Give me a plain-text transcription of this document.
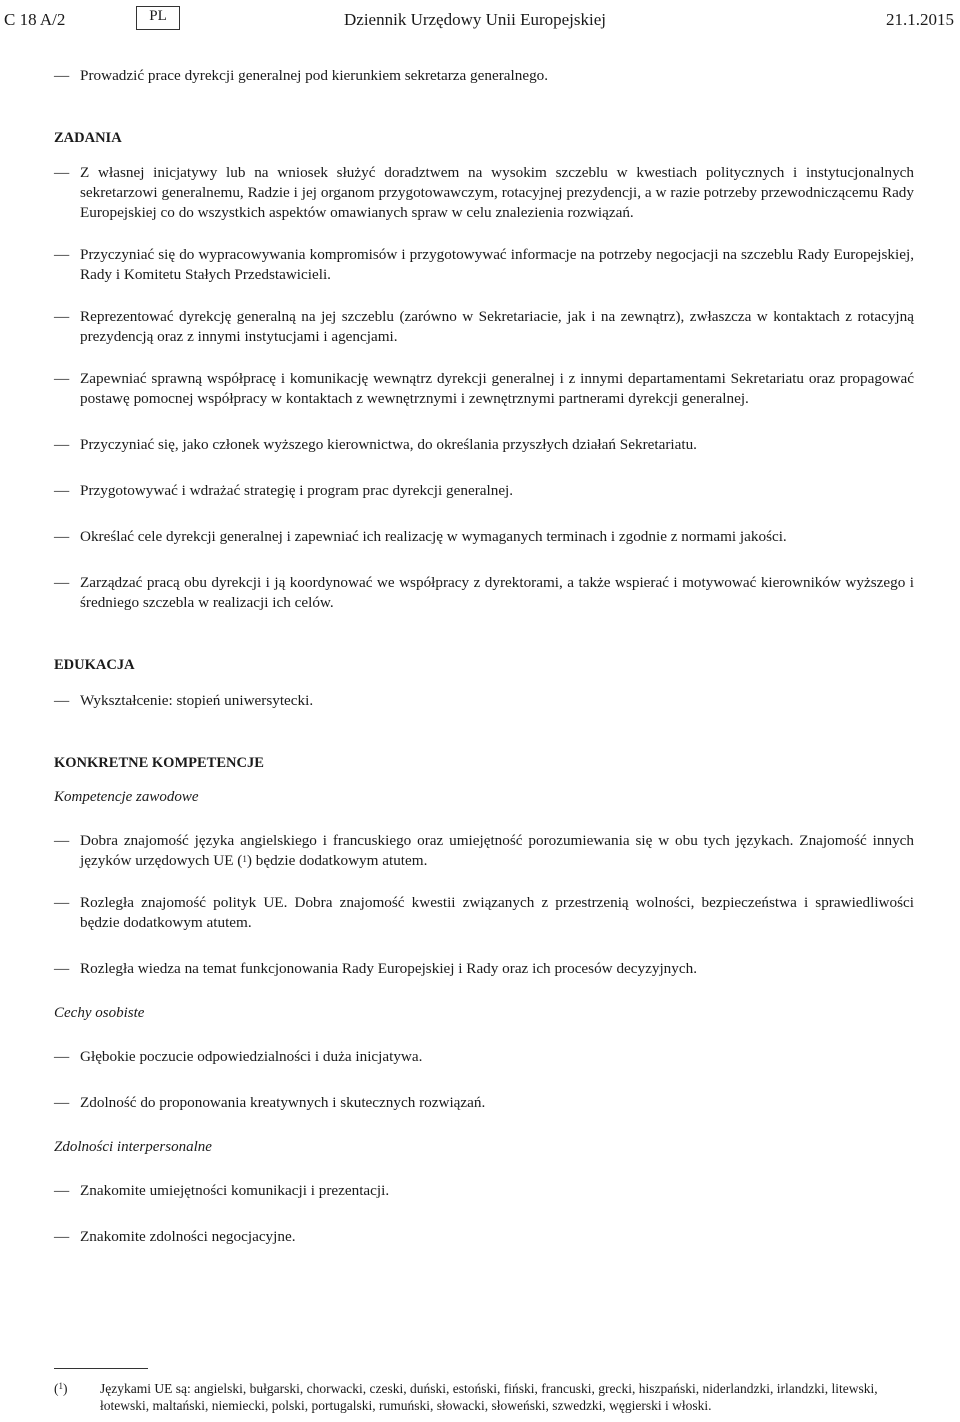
C 18 A/2	PL	Dziennik Urzędowy Unii Europejskiej	21.1.2015
— Prowadzić prace dyrekcji generalnej pod kierunkiem sekretarza generalnego.
ZADANIA
— Z własnej inicjatywy lub na wniosek służyć doradztwem na wysokim szczeblu w kwestiach politycznych i instytucjonalnych sekretarzowi generalnemu, Radzie i jej organom przygotowawczym, rotacyjnej prezydencji, a w razie potrzeby przewodniczącemu Rady Europejskiej co do wszystkich aspektów omawianych spraw w celu znalezienia rozwiązań.
— Przyczyniać się do wypracowywania kompromisów i przygotowywać informacje na potrzeby negocjacji na szczeblu Rady Europejskiej, Rady i Komitetu Stałych Przedstawicieli.
— Reprezentować dyrekcję generalną na jej szczeblu (zarówno w Sekretariacie, jak i na zewnątrz), zwłaszcza w kontaktach z rotacyjną prezydencją oraz z innymi instytucjami i agencjami.
— Zapewniać sprawną współpracę i komunikację wewnątrz dyrekcji generalnej i z innymi departamentami Sekretariatu oraz propagować postawę pomocnej współpracy w kontaktach z wewnętrznymi i zewnętrznymi partnerami dyrekcji generalnej.
— Przyczyniać się, jako członek wyższego kierownictwa, do określania przyszłych działań Sekretariatu.
— Przygotowywać i wdrażać strategię i program prac dyrekcji generalnej.
— Określać cele dyrekcji generalnej i zapewniać ich realizację w wymaganych terminach i zgodnie z normami jakości.
— Zarządzać pracą obu dyrekcji i ją koordynować we współpracy z dyrektorami, a także wspierać i motywować kierowników wyższego i średniego szczebla w realizacji ich celów.
EDUKACJA
— Wykształcenie: stopień uniwersytecki.
KONKRETNE KOMPETENCJE
Kompetencje zawodowe
— Dobra znajomość języka angielskiego i francuskiego oraz umiejętność porozumiewania się w obu tych językach. Znajomość innych języków urzędowych UE ($^1$) będzie dodatkowym atutem.
— Rozległa znajomość polityk UE. Dobra znajomość kwestii związanych z przestrzenią wolności, bezpieczeństwa i sprawiedliwości będzie dodatkowym atutem.
— Rozległa wiedza na temat funkcjonowania Rady Europejskiej i Rady oraz ich procesów decyzyjnych.
Cechy osobiste
— Głębokie poczucie odpowiedzialności i duża inicjatywa.
— Zdolność do proponowania kreatywnych i skutecznych rozwiązań.
Zdolności interpersonalne
— Znakomite umiejętności komunikacji i prezentacji.
— Znakomite zdolności negocjacyjne.
($^1$) Językami UE są: angielski, bułgarski, chorwacki, czeski, duński, estoński, fiński, francuski, grecki, hiszpański, niderlandzki, irlandzki, litewski, łotewski, maltański, niemiecki, polski, portugalski, rumuński, słowacki, słoweński, szwedzki, węgierski i włoski.
